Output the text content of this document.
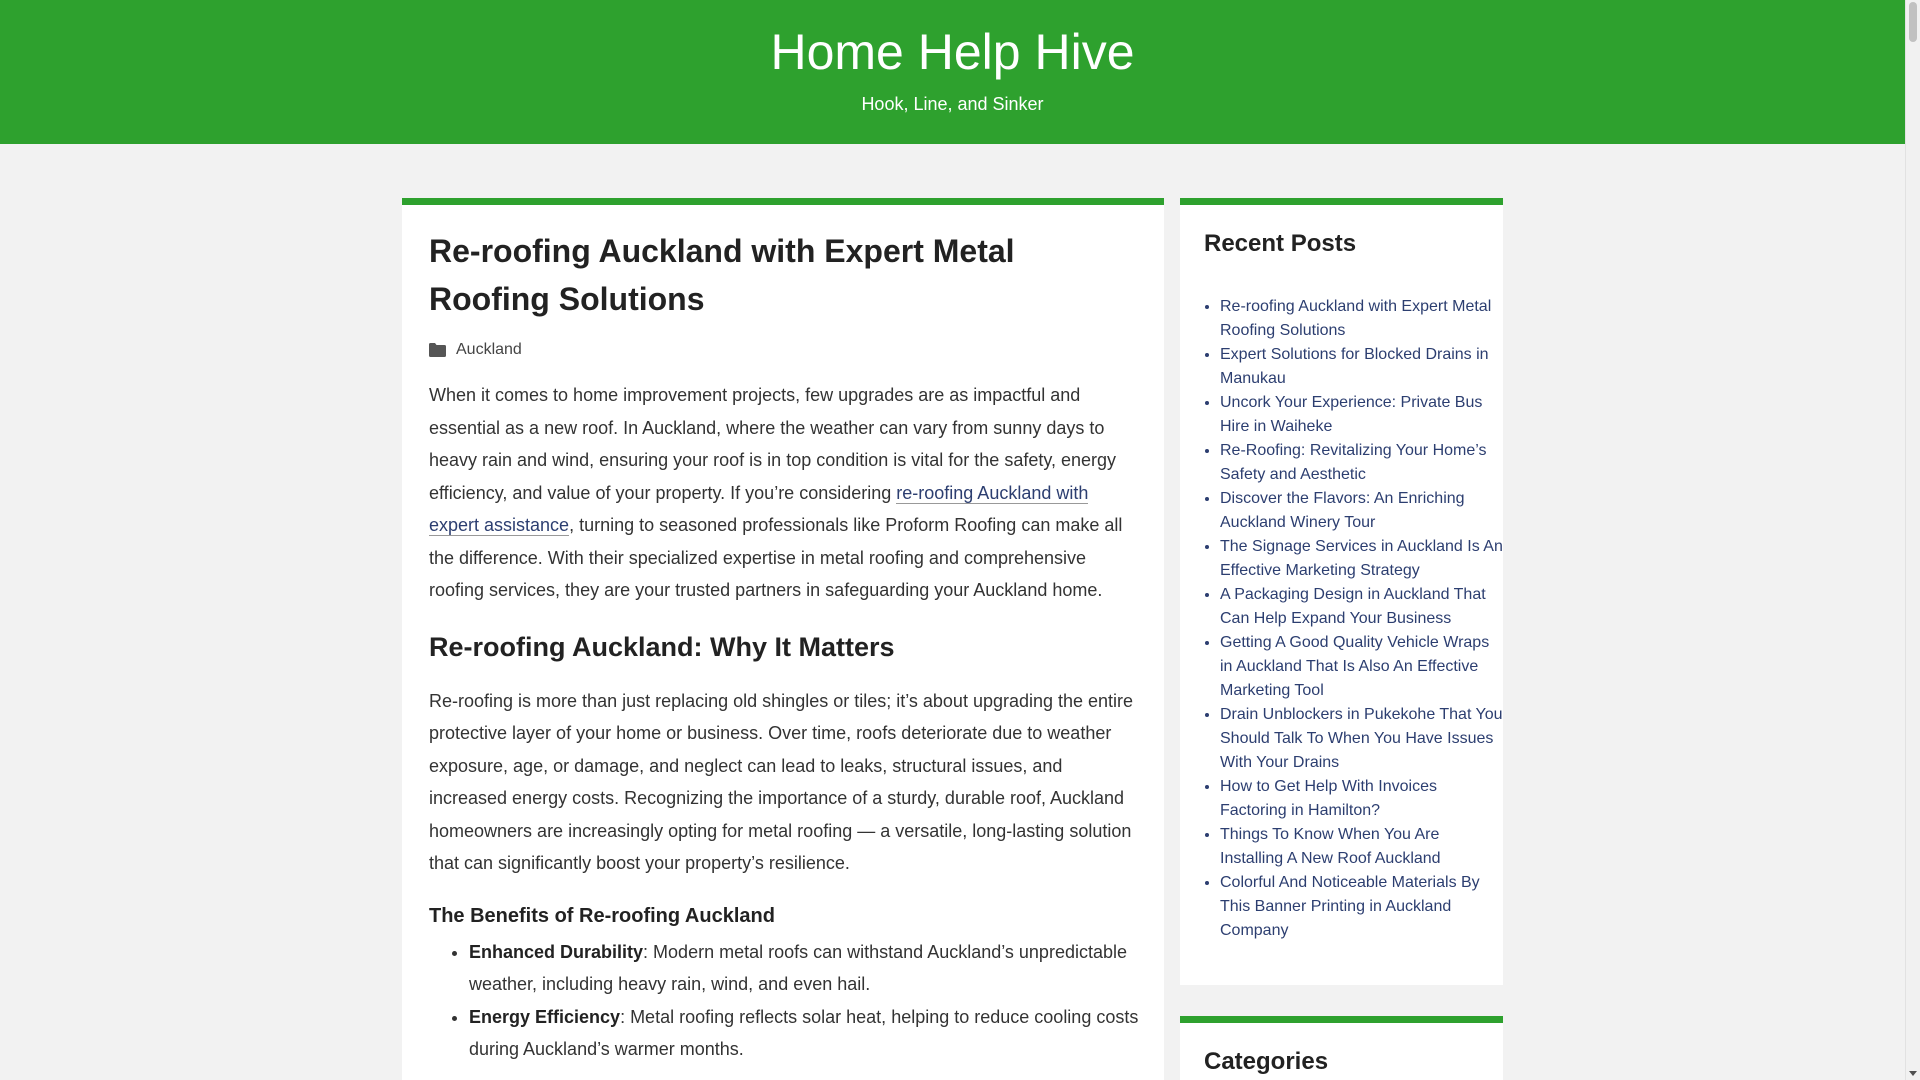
Home Help Hive
Hook, Line, and Sinker
Re-roofing Auckland with Expert Metal Roofing Solutions
Auckland

When it comes to home improvement projects, few upgrades are as impactful and essential as a new roof. In Auckland, where the weather can vary from sunny days to heavy rain and wind, ensuring your roof is in top condition is vital for the safety, energy efficiency, and value of your property. If you’re considering re-roofing Auckland with expert assistance, turning to seasoned professionals like Proform Roofing can make all the difference. With their specialized expertise in metal roofing and comprehensive roofing services, they are your trusted partners in safeguarding your Auckland home.

Re-roofing Auckland: Why It Matters

Re-roofing is more than just replacing old shingles or tiles; it’s about upgrading the entire protective layer of your home or business. Over time, roofs deteriorate due to weather exposure, age, or damage, and neglect can lead to leaks, structural issues, and increased energy costs. Recognizing the importance of a sturdy, durable roof, Auckland homeowners are increasingly opting for metal roofing — a versatile, long-lasting solution that can significantly boost your property’s resilience.

The Benefits of Re-roofing Auckland
• Enhanced Durability: Modern metal roofs can withstand Auckland’s unpredictable weather, including heavy rain, wind, and even hail.
• Energy Efficiency: Metal roofing reflects solar heat, helping to reduce cooling costs during Auckland’s warmer months.
Recent Posts
• Re-roofing Auckland with Expert Metal Roofing Solutions
• Expert Solutions for Blocked Drains in Manukau
• Uncork Your Experience: Private Bus Hire in Waiheke
• Re-Roofing: Revitalizing Your Home’s Safety and Aesthetic
• Discover the Flavors: An Enriching Auckland Winery Tour
• The Signage Services in Auckland Is An Effective Marketing Strategy
• A Packaging Design in Auckland That Can Help Expand Your Business
• Getting A Good Quality Vehicle Wraps in Auckland That Is Also An Effective Marketing Tool
• Drain Unblockers in Pukekohe That You Should Talk To When You Have Issues With Your Drains
• How to Get Help With Invoices Factoring in Hamilton?
• Things To Know When You Are Installing A New Roof Auckland
• Colorful And Noticeable Materials By This Banner Printing in Auckland Company
Categories
